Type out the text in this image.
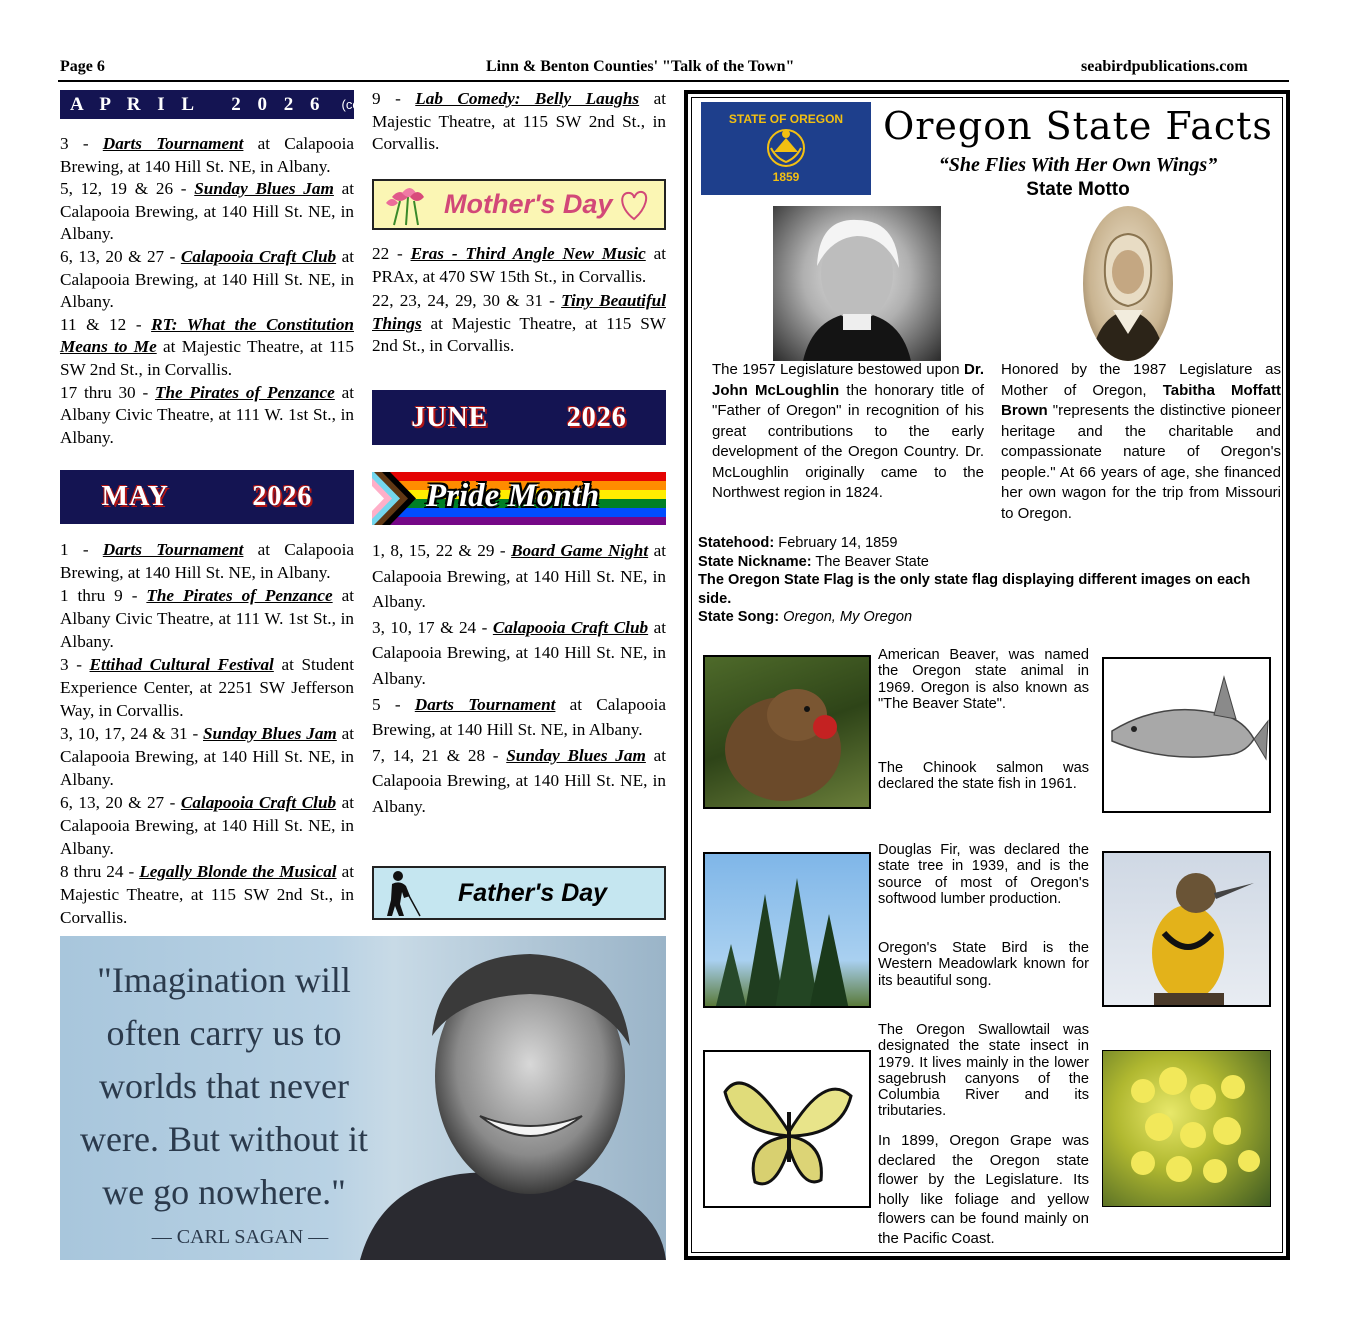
Page 6	Linn & Benton Counties' "Talk of the Town"	seabirdpublications.com
A P R I L   2 0 2 6 (cont'd)

3 - Darts Tournament at Calapooia Brewing, at 140 Hill St. NE, in Albany.

5, 12, 19 & 26 - Sunday Blues Jam at Calapooia Brewing, at 140 Hill St. NE, in Albany.

6, 13, 20 & 27 - Calapooia Craft Club at Calapooia Brewing, at 140 Hill St. NE, in Albany.

11 & 12 - RT: What the Constitution Means to Me at Majestic Theatre, at 115 SW 2nd St., in Corvallis.

17 thru 30 - The Pirates of Penzance at Albany Civic Theatre, at 111 W. 1st St., in Albany.

9 - Lab Comedy: Belly Laughs at Majestic Theatre, at 115 SW 2nd St., in Corvallis.

Mother's Day

22 - Eras - Third Angle New Music at PRAx, at 470 SW 15th St., in Corvallis.

22, 23, 24, 29, 30 & 31 - Tiny Beautiful Things at Majestic Theatre, at 115 SW 2nd St., in Corvallis.

JUNE	2026
Pride Month

1, 8, 15, 22 & 29 - Board Game Night at Calapooia Brewing, at 140 Hill St. NE, in Albany.

3, 10, 17 & 24 - Calapooia Craft Club at Calapooia Brewing, at 140 Hill St. NE, in Albany.

5 - Darts Tournament at Calapooia Brewing, at 140 Hill St. NE, in Albany.

7, 14, 21 & 28 - Sunday Blues Jam at Calapooia Brewing, at 140 Hill St. NE, in Albany.

Father's Day
MAY	2026

1 - Darts Tournament at Calapooia Brewing, at 140 Hill St. NE, in Albany.

1 thru 9 - The Pirates of Penzance at Albany Civic Theatre, at 111 W. 1st St., in Albany.

3 - Ettihad Cultural Festival at Student Experience Center, at 2251 SW Jefferson Way, in Corvallis.

3, 10, 17, 24 & 31 - Sunday Blues Jam at Calapooia Brewing, at 140 Hill St. NE, in Albany.

6, 13, 20 & 27 - Calapooia Craft Club at Calapooia Brewing, at 140 Hill St. NE, in Albany.

8 thru 24 - Legally Blonde the Musical at Majestic Theatre, at 115 SW 2nd St., in Corvallis.

"Imagination will
often carry us to
worlds that never
were. But without it
we go nowhere."
— CARL SAGAN —
STATE OF OREGON
1859
Oregon State Facts
“She Flies With Her Own Wings”
State Motto
The 1957 Legislature bestowed upon Dr. John McLoughlin the honorary title of "Father of Oregon" in recognition of his great contributions to the early development of the Oregon Country. Dr. McLoughlin originally came to the Northwest region in 1824.
Honored by the 1987 Legislature as Mother of Oregon, Tabitha Moffatt Brown "represents the distinctive pioneer heritage and the charitable and compassionate nature of Oregon's people." At 66 years of age, she financed her own wagon for the trip from Missouri to Oregon.
Statehood: February 14, 1859
State Nickname: The Beaver State
The Oregon State Flag is the only state flag displaying different images on each side.
State Song: Oregon, My Oregon
American Beaver, was named the Oregon state animal in 1969. Oregon is also known as "The Beaver State".
The Chinook salmon was declared the state fish in 1961.
Douglas Fir, was declared the state tree in 1939, and is the source of most of Oregon's softwood lumber production.
Oregon's State Bird is the Western Meadowlark known for its beautiful song.
The Oregon Swallowtail was designated the state insect in 1979. It lives mainly in the lower sagebrush canyons of the Columbia River and its tributaries.
In 1899, Oregon Grape was declared the Oregon state flower by the Legislature. Its holly like foliage and yellow flowers can be found mainly on the Pacific Coast.
